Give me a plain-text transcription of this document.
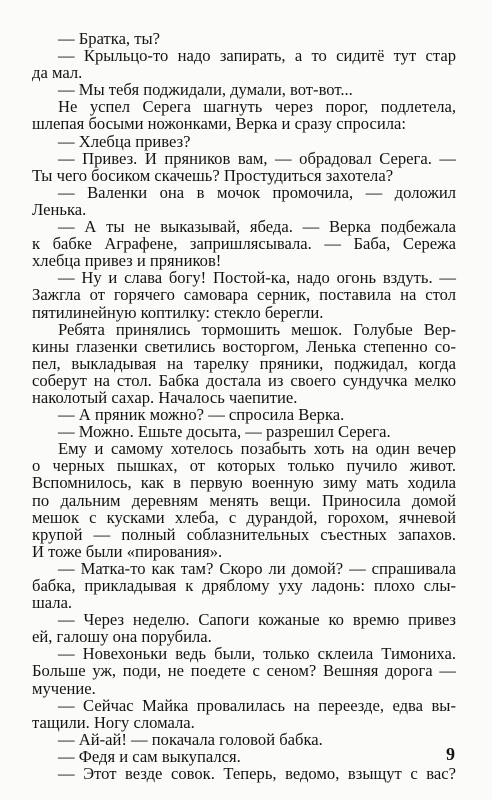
— Братка, ты?
— Крыльцо-то надо запирать, а то сидитё тут стар
да мал.
— Мы тебя поджидали, думали, вот-вот...
Не успел Серега шагнуть через порог, подлетела,
шлепая босыми ножонками, Верка и сразу спросила:
— Хлебца привез?
— Привез. И пряников вам, — обрадовал Серега. —
Ты чего босиком скачешь? Простудиться захотела?
— Валенки она в мочок промочила, — доложил
Ленька.
— А ты не выказывай, ябеда. — Верка подбежала
к бабке Аграфене, запришлясывала. — Баба, Сережа
хлебца привез и пряников!
— Ну и слава богу! Постой-ка, надо огонь вздуть. —
Зажгла от горячего самовара серник, поставила на стол
пятилинейную коптилку: стекло берегли.
Ребята принялись тормошить мешок. Голубые Вер-
кины глазенки светились восторгом, Ленька степенно со-
пел, выкладывая на тарелку пряники, поджидал, когда
соберут на стол. Бабка достала из своего сундучка мелко
наколотый сахар. Началось чаепитие.
— А пряник можно? — спросила Верка.
— Можно. Ешьте досыта, — разрешил Серега.
Ему и самому хотелось позабыть хоть на один вечер
о черных пышках, от которых только пучило живот.
Вспомнилось, как в первую военную зиму мать ходила
по дальним деревням менять вещи. Приносила домой
мешок с кусками хлеба, с дурандой, горохом, ячневой
крупой — полный соблазнительных съестных запахов.
И тоже были «пирования».
— Матка-то как там? Скоро ли домой? — спрашивала
бабка, прикладывая к дряблому уху ладонь: плохо слы-
шала.
— Через неделю. Сапоги кожаные ко времю привез
ей, галошу она порубила.
— Новехоньки ведь были, только склеила Тимониха.
Больше уж, поди, не поедете с сеном? Вешняя дорога —
мучение.
— Сейчас Майка провалилась на переезде, едва вы-
тащили. Ногу сломала.
— Ай-ай! — покачала головой бабка.
— Федя и сам выкупался.
— Этот везде совок. Теперь, ведомо, взыщут с вас?
9
